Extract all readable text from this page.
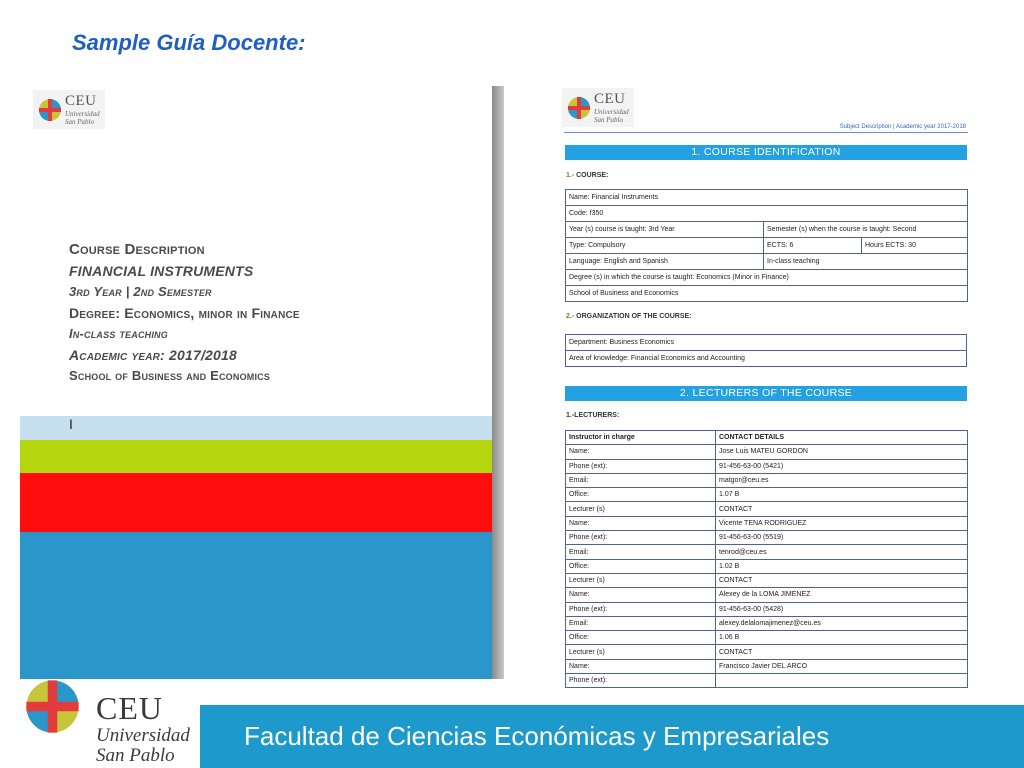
Sample Guía Docente:
CEU
Universidad
San Pablo

Course Description

FINANCIAL INSTRUMENTS

3rd Year | 2nd Semester

Degree: Economics, minor in Finance

In-class teaching

Academic year: 2017/2018

School of Business and Economics

I
CEU
Universidad
San Pablo
Subject Description | Academic year 2017-2018
1. COURSE IDENTIFICATION
1.- COURSE:
Name: Financial Instruments		
Code: f350		
Year (s) course is taught: 3rd Year	Semester (s) when the course is taught: Second	
Type: Compulsory	ECTS: 6	Hours ECTS: 30
Language: English and Spanish	In-class teaching	
Degree (s) in which the course is taught: Economics (Minor in Finance)		
School of Business and Economics		
2.- ORGANIZATION OF THE COURSE:
Department: Business Economics
Area of knowledge: Financial Economics and Accounting
2. LECTURERS OF THE COURSE
1.-LECTURERS:
Instructor in charge	CONTACT DETAILS
Name:	Jose Luis MATEU GORDON
Phone (ext):	91-456-63-00 (5421)
Email:	matgor@ceu.es
Office:	1.07 B
Lecturer (s)	CONTACT
Name:	Vicente TENA RODRIGUEZ
Phone (ext):	91-456-63-00 (5519)
Email:	tenrod@ceu.es
Office:	1.02 B
Lecturer (s)	CONTACT
Name:	Alexey de la LOMA JIMENEZ
Phone (ext):	91-456-63-00 (5428)
Email:	alexey.delalomajimenez@ceu.es
Office:	1.06 B
Lecturer (s)	CONTACT
Name:	Francisco Javier DEL ARCO
Phone (ext):	
CEU
Universidad
San Pablo
Facultad de Ciencias Económicas y Empresariales
